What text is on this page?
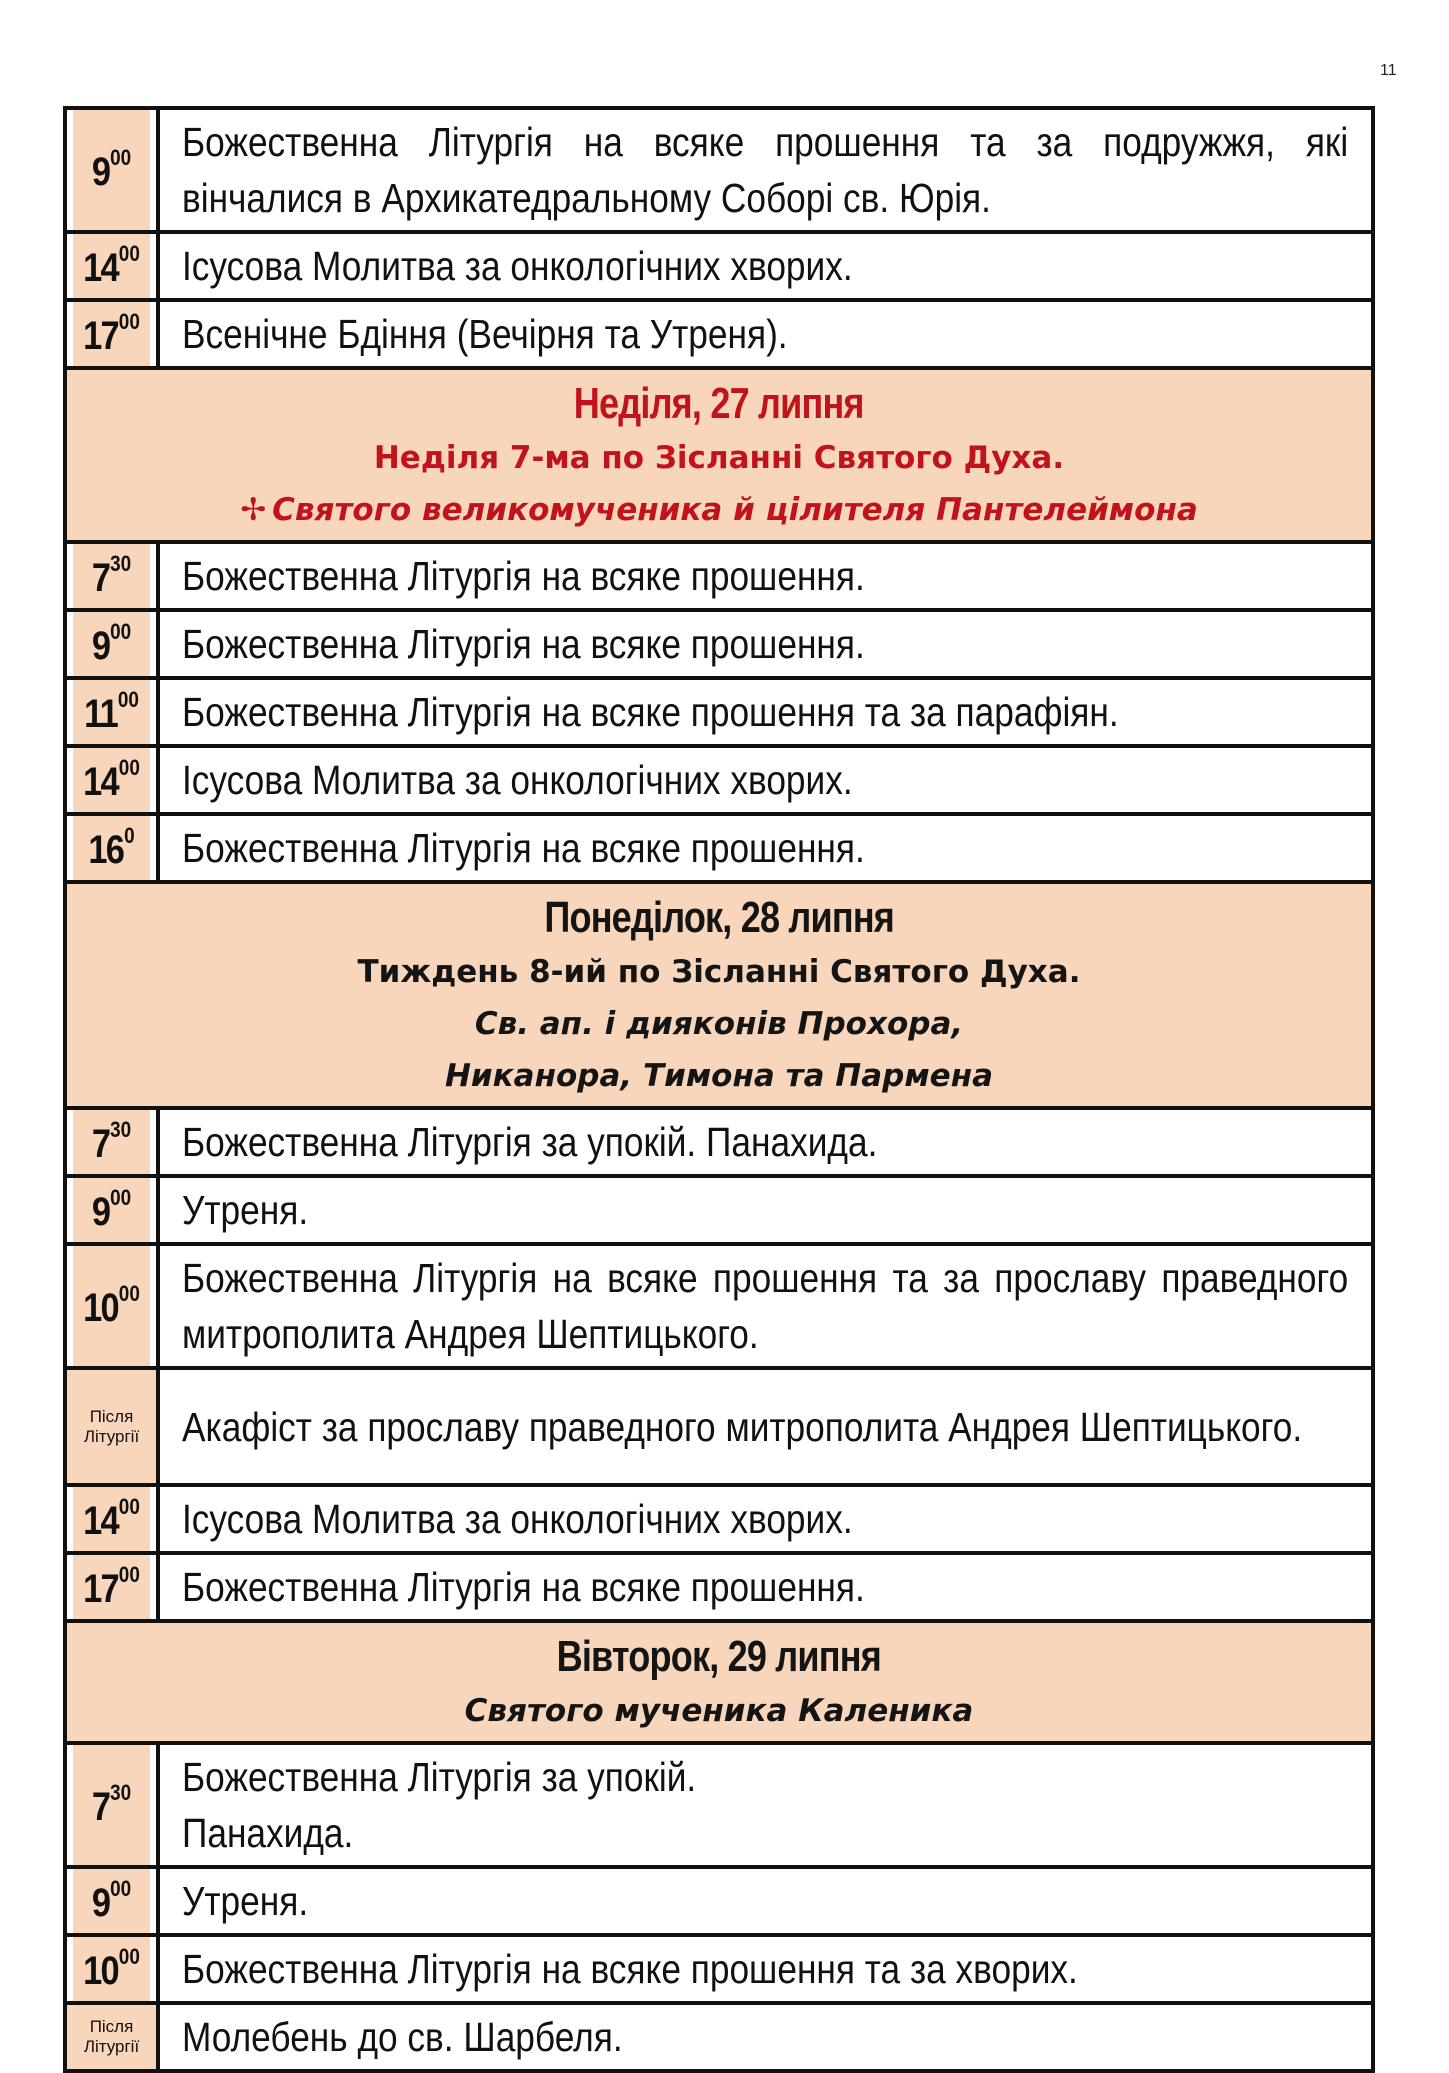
11
$9^{00}$	Божественна Літургія на всяке прошення та за подружжя, які вінчалися в Архикатедральному Соборі св. Юрія.
$14^{00}$	Ісусова Молитва за онкологічних хворих.
$17^{00}$	Всенічне Бдіння (Вечірня та Утреня).

Неділя, 27 липня
Неділя 7-ма по Зісланні Святого Духа.
✢ Святого великомученика й цілителя Пантелеймона	

$7^{30}$	Божественна Літургія на всяке прошення.
$9^{00}$	Божественна Літургія на всяке прошення.
$11^{00}$	Божественна Літургія на всяке прошення та за парафіян.
$14^{00}$	Ісусова Молитва за онкологічних хворих.
$16^0$	Божественна Літургія на всяке прошення.

Понеділок, 28 липня
Тиждень 8-ий по Зісланні Святого Духа.
Св. ап. і дияконів Прохора,
Никанора, Тимона та Пармена	

$7^{30}$	Божественна Літургія за упокій. Панахида.
$9^{00}$	Утреня.
$10^{00}$	Божественна Літургія на всяке прошення та за прославу праведного митрополита Андрея Шептицького.

Після
Літургії	Акафіст за прославу праведного митрополита Андрея Шептицького.
$14^{00}$	Ісусова Молитва за онкологічних хворих.
$17^{00}$	Божественна Літургія на всяке прошення.

Вівторок, 29 липня
Святого мученика Каленика	

$7^{30}$	Божественна Літургія за упокій.
Панахида.
$9^{00}$	Утреня.
$10^{00}$	Божественна Літургія на всяке прошення та за хворих.

Після
Літургії	Молебень до св. Шарбеля.
